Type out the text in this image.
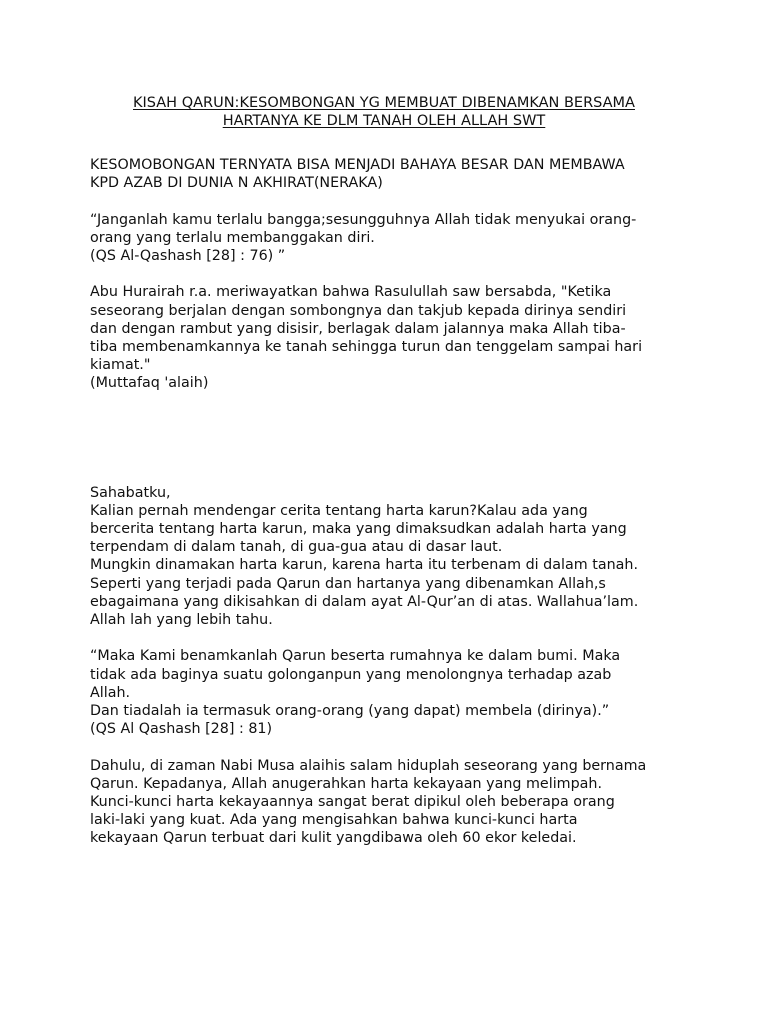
KISAH QARUN:KESOMBONGAN YG MEMBUAT DIBENAMKAN BERSAMA
HARTANYA KE DLM TANAH OLEH ALLAH SWT

KESOMOBONGAN TERNYATA BISA MENJADI BAHAYA BESAR DAN MEMBAWA
KPD AZAB DI DUNIA N AKHIRAT(NERAKA)

“Janganlah kamu terlalu bangga;sesungguhnya Allah tidak menyukai orang-
orang yang terlalu membanggakan diri.
(QS Al-Qashash [28] : 76) ”

Abu Hurairah r.a. meriwayatkan bahwa Rasulullah saw bersabda, "Ketika
seseorang berjalan dengan sombongnya dan takjub kepada dirinya sendiri
dan dengan rambut yang disisir, berlagak dalam jalannya maka Allah tiba-
tiba membenamkannya ke tanah sehingga turun dan tenggelam sampai hari
kiamat."
(Muttafaq 'alaih)

Sahabatku,
Kalian pernah mendengar cerita tentang harta karun?Kalau ada yang
bercerita tentang harta karun, maka yang dimaksudkan adalah harta yang
terpendam di dalam tanah, di gua-gua atau di dasar laut.
Mungkin dinamakan harta karun, karena harta itu terbenam di dalam tanah.
Seperti yang terjadi pada Qarun dan hartanya yang dibenamkan Allah,s
ebagaimana yang dikisahkan di dalam ayat Al-Qur’an di atas. Wallahua’lam.
Allah lah yang lebih tahu.

“Maka Kami benamkanlah Qarun beserta rumahnya ke dalam bumi. Maka
tidak ada baginya suatu golonganpun yang menolongnya terhadap azab
Allah.
Dan tiadalah ia termasuk orang-orang (yang dapat) membela (dirinya).”
(QS Al Qashash [28] : 81)

Dahulu, di zaman Nabi Musa alaihis salam hiduplah seseorang yang bernama
Qarun. Kepadanya, Allah anugerahkan harta kekayaan yang melimpah.
Kunci-kunci harta kekayaannya sangat berat dipikul oleh beberapa orang
laki-laki yang kuat. Ada yang mengisahkan bahwa kunci-kunci harta
kekayaan Qarun terbuat dari kulit yangdibawa oleh 60 ekor keledai.
